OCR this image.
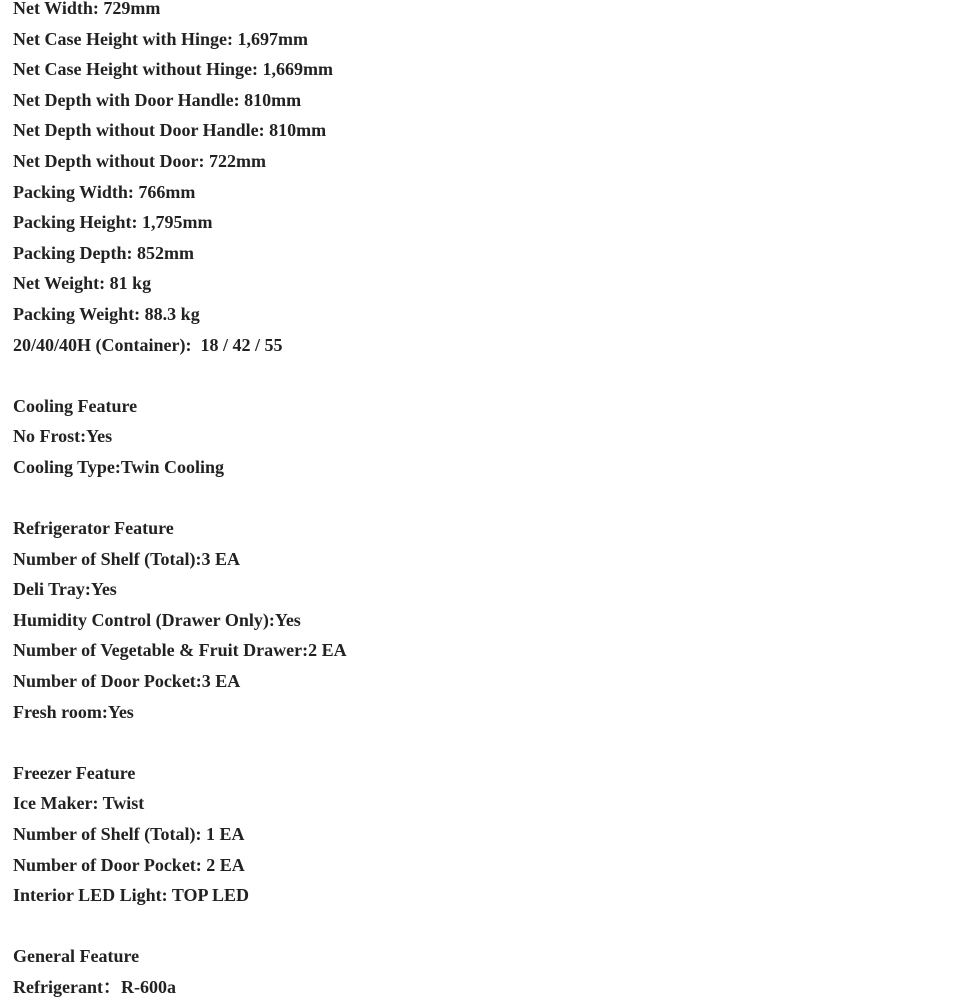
Net Width: 729mm

Net Case Height with Hinge: 1,697mm

Net Case Height without Hinge: 1,669mm

Net Depth with Door Handle: 810mm

Net Depth without Door Handle: 810mm

Net Depth without Door: 722mm

Packing Width: 766mm

Packing Height: 1,795mm

Packing Depth: 852mm

Net Weight: 81 kg

Packing Weight: 88.3 kg

20/40/40H (Container):  18 / 42 / 55

Cooling Feature

No Frost:Yes

Cooling Type:Twin Cooling

Refrigerator Feature

Number of Shelf (Total):3 EA

Deli Tray:Yes

Humidity Control (Drawer Only):Yes

Number of Vegetable & Fruit Drawer:2 EA

Number of Door Pocket:3 EA

Fresh room:Yes

Freezer Feature

Ice Maker: Twist

Number of Shelf (Total): 1 EA

Number of Door Pocket: 2 EA

Interior LED Light: TOP LED

General Feature

Refrigerant：R-600a
